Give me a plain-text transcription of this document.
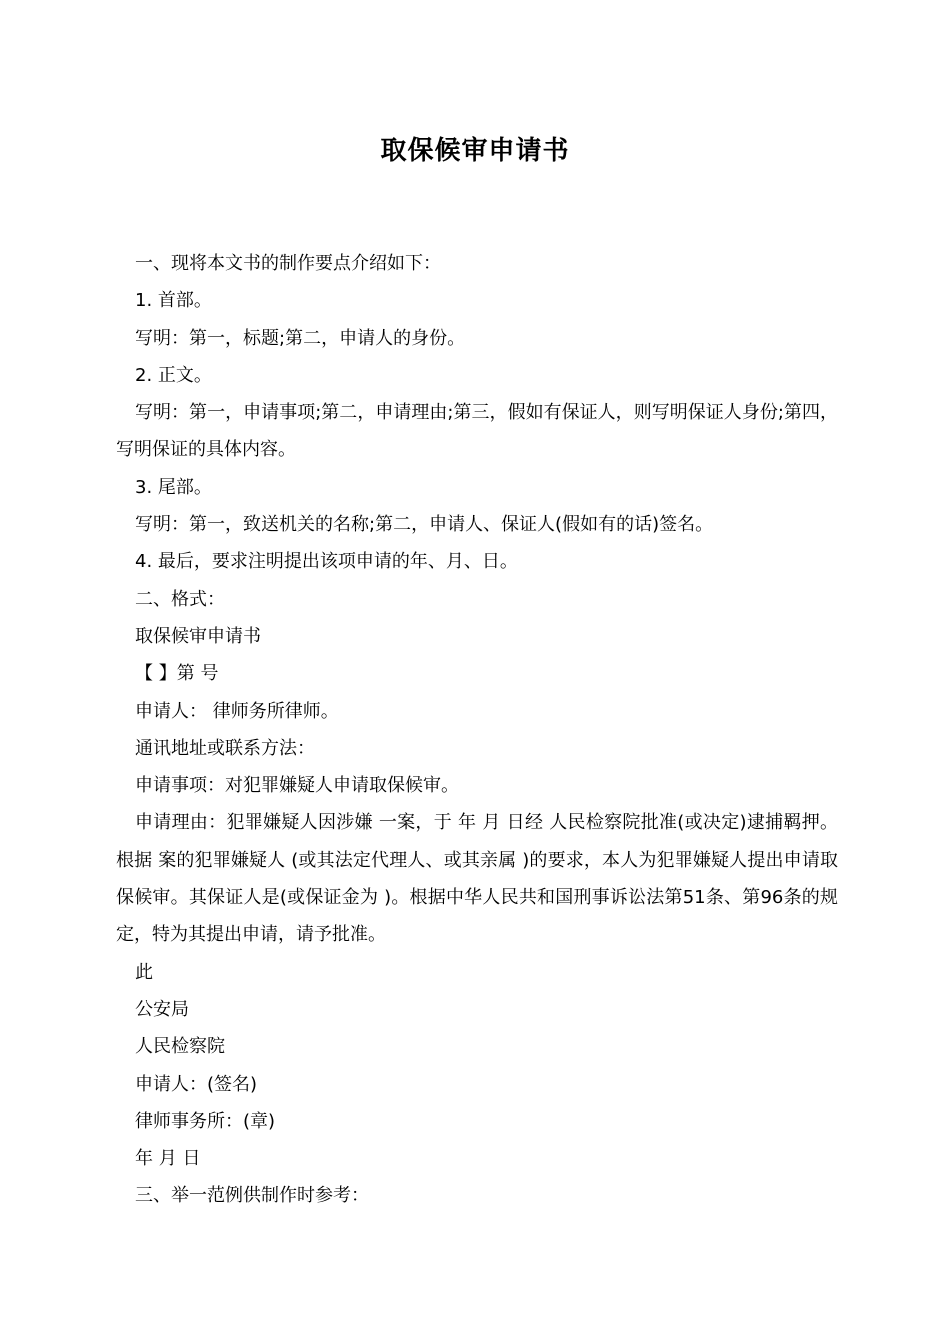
取保候审申请书

一、现将本文书的制作要点介绍如下：

1. 首部。

写明：第一，标题;第二，申请人的身份。

2. 正文。

写明：第一，申请事项;第二，申请理由;第三，假如有保证人，则写明保证人身份;第四，写明保证的具体内容。

3. 尾部。

写明：第一，致送机关的名称;第二，申请人、保证人(假如有的话)签名。

4. 最后，要求注明提出该项申请的年、月、日。

二、格式：

取保候审申请书

【 】第 号

申请人： 律师务所律师。

通讯地址或联系方法：

申请事项：对犯罪嫌疑人申请取保候审。

申请理由：犯罪嫌疑人因涉嫌 一案，于 年 月 日经 人民检察院批准(或决定)逮捕羁押。根据 案的犯罪嫌疑人 (或其法定代理人、或其亲属 )的要求，本人为犯罪嫌疑人提出申请取保候审。其保证人是(或保证金为 )。根据中华人民共和国刑事诉讼法第51条、第96条的规定，特为其提出申请，请予批准。

此

公安局

人民检察院

申请人：(签名)

律师事务所：(章)

年 月 日

三、举一范例供制作时参考：
